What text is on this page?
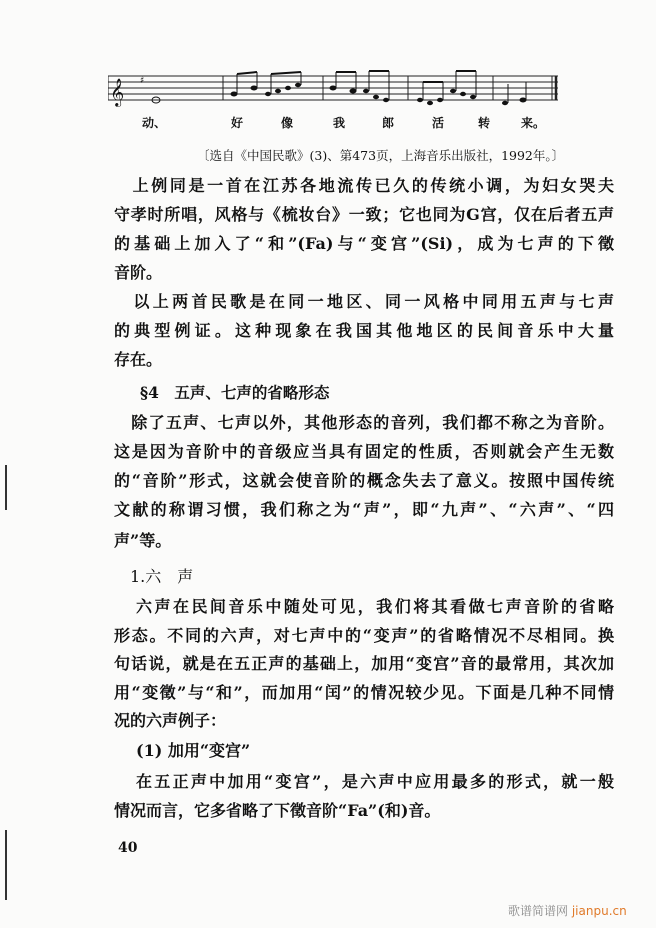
𝄞 ♯
动、	好	像	我	郎	活	转	来。
〔选自《中国民歌》(3)、第473页，上海音乐出版社，1992年。〕
　上例同是一首在江苏各地流传已久的传统小调，为妇女哭夫
守孝时所唱，风格与《梳妆台》一致；它也同为G宫，仅在后者五声
的基础上加入了“和”(Fa)与“变宫”(Si)，成为七声的下徵
音阶。
　以上两首民歌是在同一地区、同一风格中同用五声与七声
的典型例证。这种现象在我国其他地区的民间音乐中大量
存在。
§4　五声、七声的省略形态
　除了五声、七声以外，其他形态的音列，我们都不称之为音阶。
这是因为音阶中的音级应当具有固定的性质，否则就会产生无数
的“音阶”形式，这就会使音阶的概念失去了意义。按照中国传统
文献的称谓习惯，我们称之为“声”，即“九声”、“六声”、“四
声”等。
　1.六　声
六声在民间音乐中随处可见，我们将其看做七声音阶的省略
形态。不同的六声，对七声中的“变声”的省略情况不尽相同。换
句话说，就是在五正声的基础上，加用“变宫”音的最常用，其次加
用“变徵”与“和”，而加用“闰”的情况较少见。下面是几种不同情
况的六声例子：
(1) 加用“变宫”
在五正声中加用“变宫”，是六声中应用最多的形式，就一般
情况而言，它多省略了下徵音阶“Fa”(和)音。
40
歌谱简谱网 jianpu.cn
